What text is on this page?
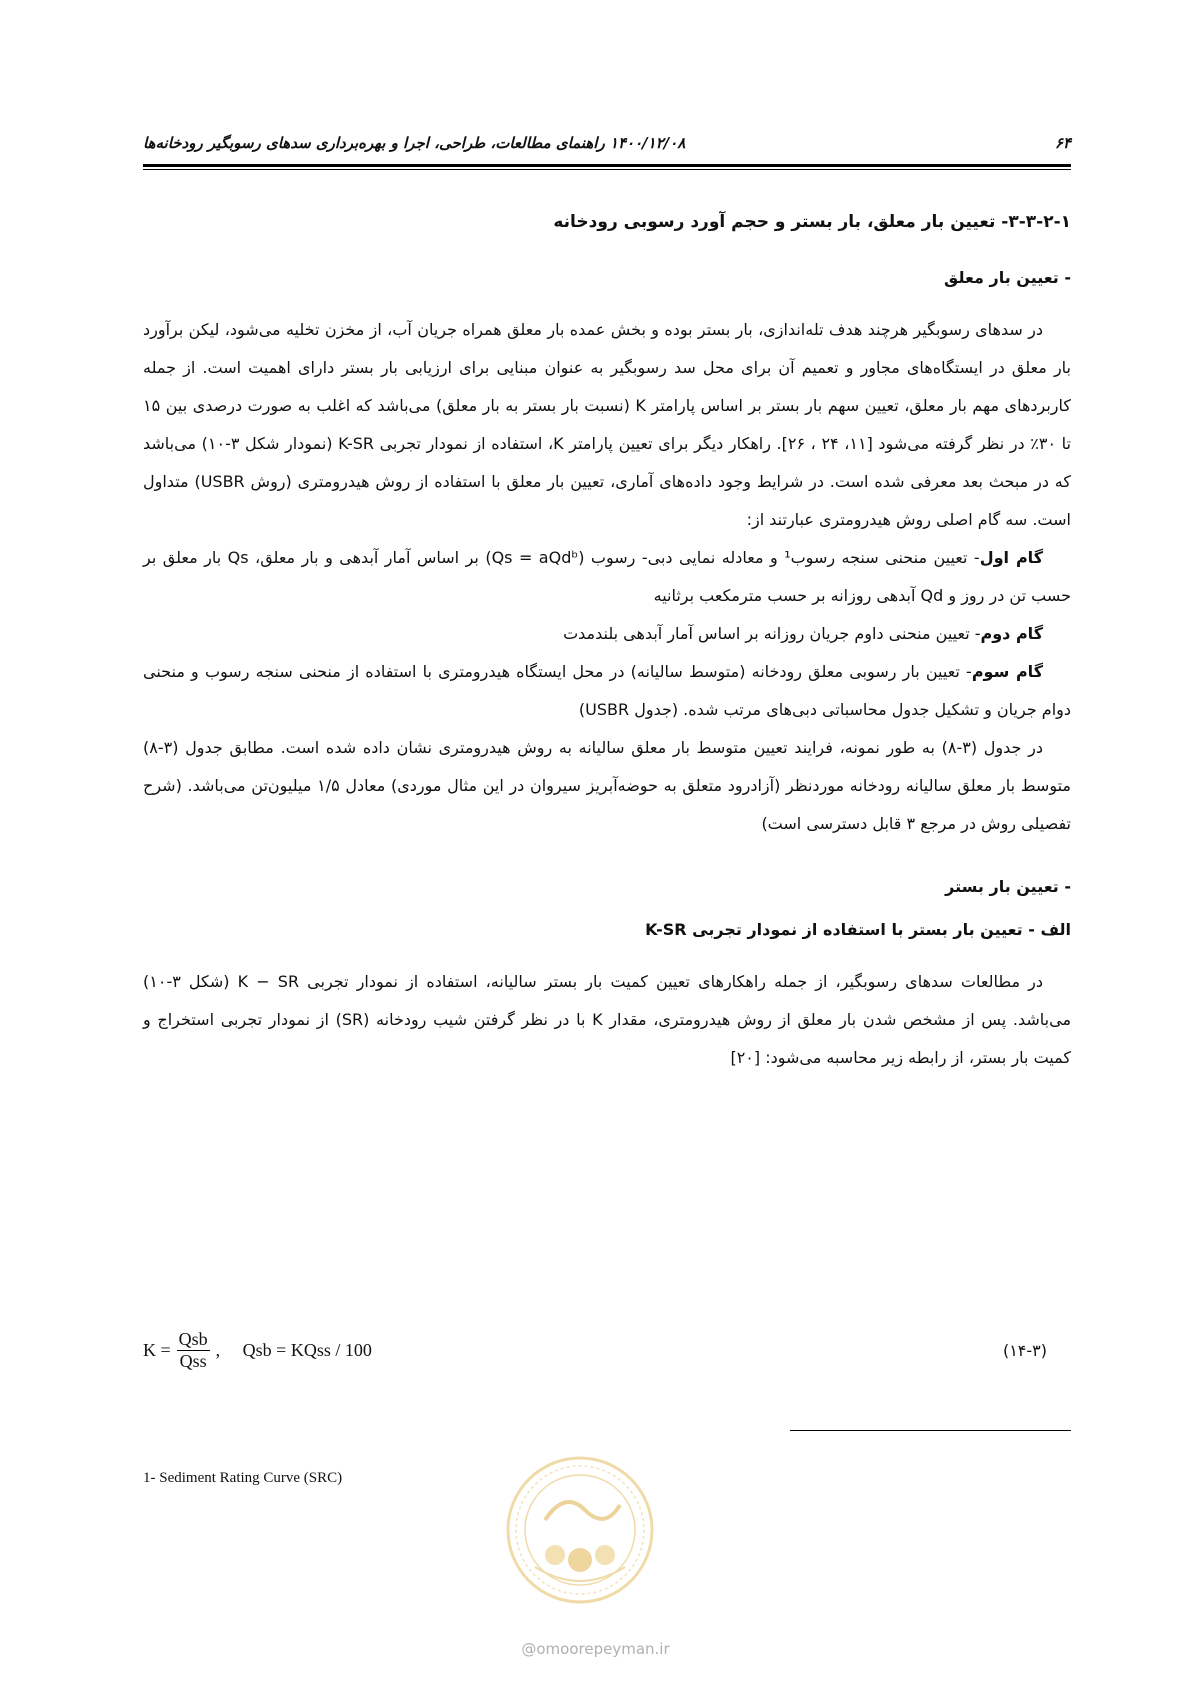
۱۴۰۰/۱۲/۰۸ راهنمای مطالعات، طراحی، اجرا و بهره‌برداری سدهای رسوبگیر رودخانه‌ها	۶۴
۳-۳-۲-۱- تعیین بار معلق، بار بستر و حجم آورد رسوبی رودخانه
- تعیین بار معلق

در سدهای رسوبگیر هرچند هدف تله‌اندازی، بار بستر بوده و بخش عمده بار معلق همراه جریان آب، از مخزن تخلیه می‌شود، لیکن برآورد بار معلق در ایستگاه‌های مجاور و تعمیم آن برای محل سد رسوبگیر به عنوان مبنایی برای ارزیابی بار بستر دارای اهمیت است. از جمله کاربردهای مهم بار معلق، تعیین سهم بار بستر بر اساس پارامتر K (نسبت بار بستر به بار معلق) می‌باشد که اغلب به صورت درصدی بین ۱۵ تا ۳۰٪ در نظر گرفته می‌شود [۱۱، ۲۴ ، ۲۶]. راهکار دیگر برای تعیین پارامتر K، استفاده از نمودار تجربی K-SR (نمودار شکل ۳-۱۰) می‌باشد که در مبحث بعد معرفی شده است. در شرایط وجود داده‌های آماری، تعیین بار معلق با استفاده از روش هیدرومتری (روش USBR) متداول است. سه گام اصلی روش هیدرومتری عبارتند از:

گام اول- تعیین منحنی سنجه رسوب¹ و معادله نمایی دبی- رسوب (Qs = aQdᵇ) بر اساس آمار آبدهی و بار معلق، Qs بار معلق بر حسب تن در روز و Qd آبدهی روزانه بر حسب مترمکعب برثانیه

گام دوم- تعیین منحنی داوم جریان روزانه بر اساس آمار آبدهی بلندمدت

گام سوم- تعیین بار رسوبی معلق رودخانه (متوسط سالیانه) در محل ایستگاه هیدرومتری با استفاده از منحنی سنجه رسوب و منحنی دوام جریان و تشکیل جدول محاسباتی دبی‌های مرتب شده. (جدول USBR)

در جدول (۳-۸) به طور نمونه، فرایند تعیین متوسط بار معلق سالیانه به روش هیدرومتری نشان داده شده است. مطابق جدول (۳-۸) متوسط بار معلق سالیانه رودخانه موردنظر (آزادرود متعلق به حوضه‌آبریز سیروان در این مثال موردی) معادل ۱/۵ میلیون‌تن می‌باشد. (شرح تفصیلی روش در مرجع ۳ قابل دسترسی است)

- تعیین بار بستر
الف - تعیین بار بستر با استفاده از نمودار تجربی K-SR

در مطالعات سدهای رسوبگیر، از جمله راهکارهای تعیین کمیت بار بستر سالیانه، استفاده از نمودار تجربی K − SR (شکل ۳-۱۰) می‌باشد. پس از مشخص شدن بار معلق از روش هیدرومتری، مقدار K با در نظر گرفتن شیب رودخانه (SR) از نمودار تجربی استخراج و کمیت بار بستر، از رابطه زیر محاسبه می‌شود: [۲۰]

$K = \frac{\text{Qsb}}{\text{Qss}}$ ,     Qsb = KQss / 100	(۱۴-۳)
1- Sediment Rating Curve (SRC)
@omoorepeyman.ir
